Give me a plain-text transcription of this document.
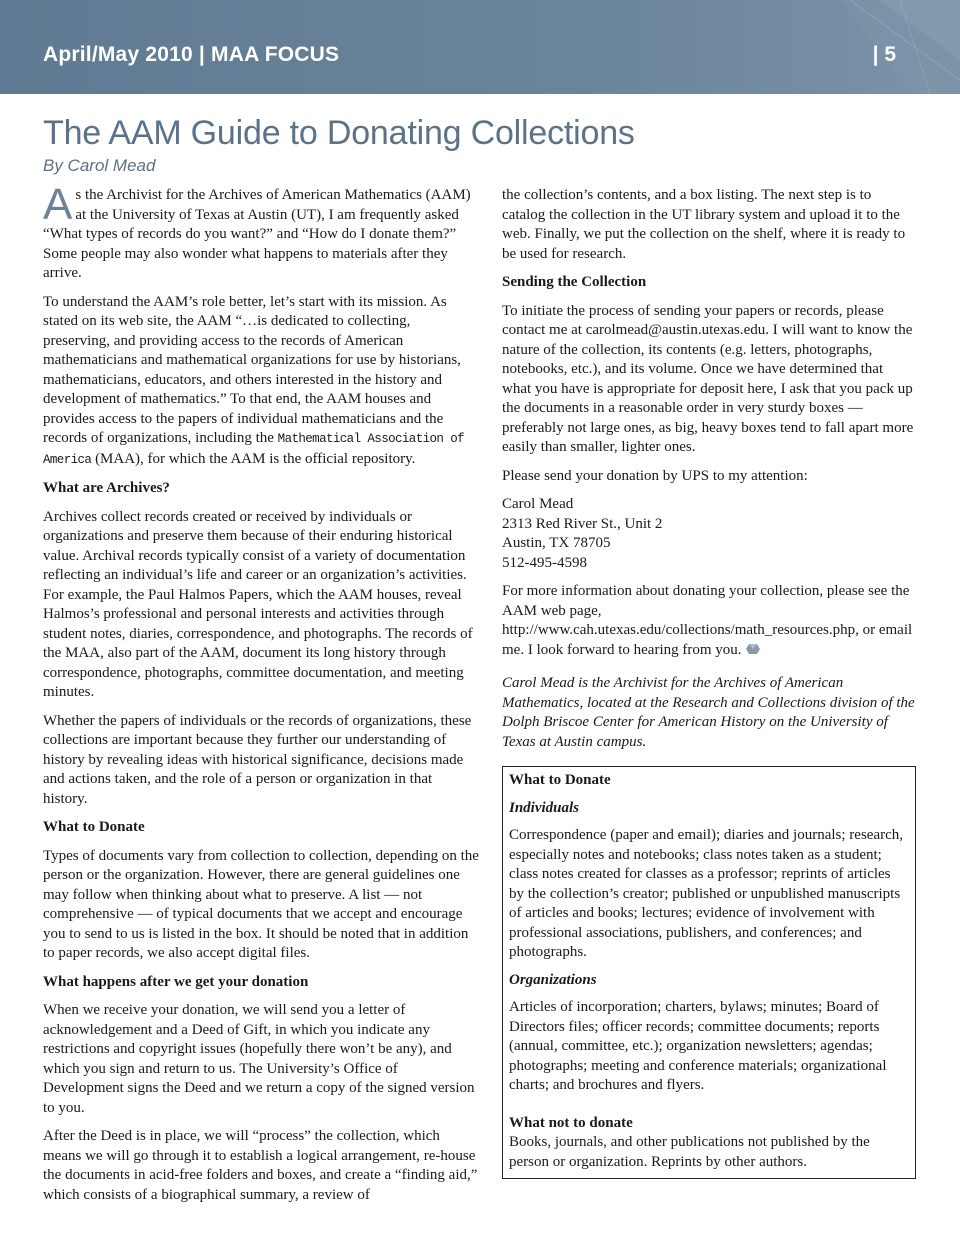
April/May 2010 | MAA FOCUS	| 5
The AAM Guide to Donating Collections
By Carol Mead

As the Archivist for the Archives of American Mathematics (AAM) at the University of Texas at Austin (UT), I am frequently asked “What types of records do you want?” and “How do I donate them?” Some people may also wonder what happens to materials after they arrive.

To understand the AAM’s role better, let’s start with its mission. As stated on its web site, the AAM “…is dedicated to collecting, preserving, and providing access to the records of American mathematicians and mathematical organizations for use by historians, mathematicians, educators, and others interested in the history and development of mathematics.” To that end, the AAM houses and provides access to the papers of individual mathematicians and the records of organizations, including the Mathematical Association of America (MAA), for which the AAM is the official repository.

What are Archives?

Archives collect records created or received by individuals or organizations and preserve them because of their enduring historical value. Archival records typically consist of a variety of documentation reflecting an individual’s life and career or an organization’s activities. For example, the Paul Halmos Papers, which the AAM houses, reveal Halmos’s professional and personal interests and activities through student notes, diaries, correspondence, and photographs. The records of the MAA, also part of the AAM, document its long history through correspondence, photographs, committee documentation, and meeting minutes.

Whether the papers of individuals or the records of organizations, these collections are important because they further our understanding of history by revealing ideas with historical significance, decisions made and actions taken, and the role of a person or organization in that history.

What to Donate

Types of documents vary from collection to collection, depending on the person or the organization. However, there are general guidelines one may follow when thinking about what to preserve. A list — not comprehensive — of typical documents that we accept and encourage you to send to us is listed in the box. It should be noted that in addition to paper records, we also accept digital files.

What happens after we get your donation

When we receive your donation, we will send you a letter of acknowledgement and a Deed of Gift, in which you indicate any restrictions and copyright issues (hopefully there won’t be any), and which you sign and return to us. The University’s Office of Development signs the Deed and we return a copy of the signed version to you.

After the Deed is in place, we will “process” the collection, which means we will go through it to establish a logical arrangement, re-house the documents in acid-free folders and boxes, and create a “finding aid,” which consists of a biographical summary, a review of

the collection’s contents, and a box listing. The next step is to catalog the collection in the UT library system and upload it to the web. Finally, we put the collection on the shelf, where it is ready to be used for research.

Sending the Collection

To initiate the process of sending your papers or records, please contact me at carolmead@austin.utexas.edu. I will want to know the nature of the collection, its contents (e.g. letters, photographs, notebooks, etc.), and its volume. Once we have determined that what you have is appropriate for deposit here, I ask that you pack up the documents in a reasonable order in very sturdy boxes — preferably not large ones, as big, heavy boxes tend to fall apart more easily than smaller, lighter ones.

Please send your donation by UPS to my attention:

Carol Mead
2313 Red River St., Unit 2
Austin, TX 78705
512-495-4598

For more information about donating your collection, please see the AAM web page, http://www.cah.utexas.edu/collections/math_resources.php, or email me. I look forward to hearing from you.

Carol Mead is the Archivist for the Archives of American Mathematics, located at the Research and Collections division of the Dolph Briscoe Center for American History on the University of Texas at Austin campus.

What to Donate
Individuals

Correspondence (paper and email); diaries and journals; research, especially notes and notebooks; class notes taken as a student; class notes created for classes as a professor; reprints of articles by the collection’s creator; published or unpublished manuscripts of articles and books; lectures; evidence of involvement with professional associations, publishers, and conferences; and photographs.

Organizations

Articles of incorporation; charters, bylaws; minutes; Board of Directors files; officer records; committee documents; reports (annual, committee, etc.); organization newsletters; agendas; photographs; meeting and conference materials; organizational charts; and brochures and flyers.

What not to donate

Books, journals, and other publications not published by the person or organization. Reprints by other authors.
